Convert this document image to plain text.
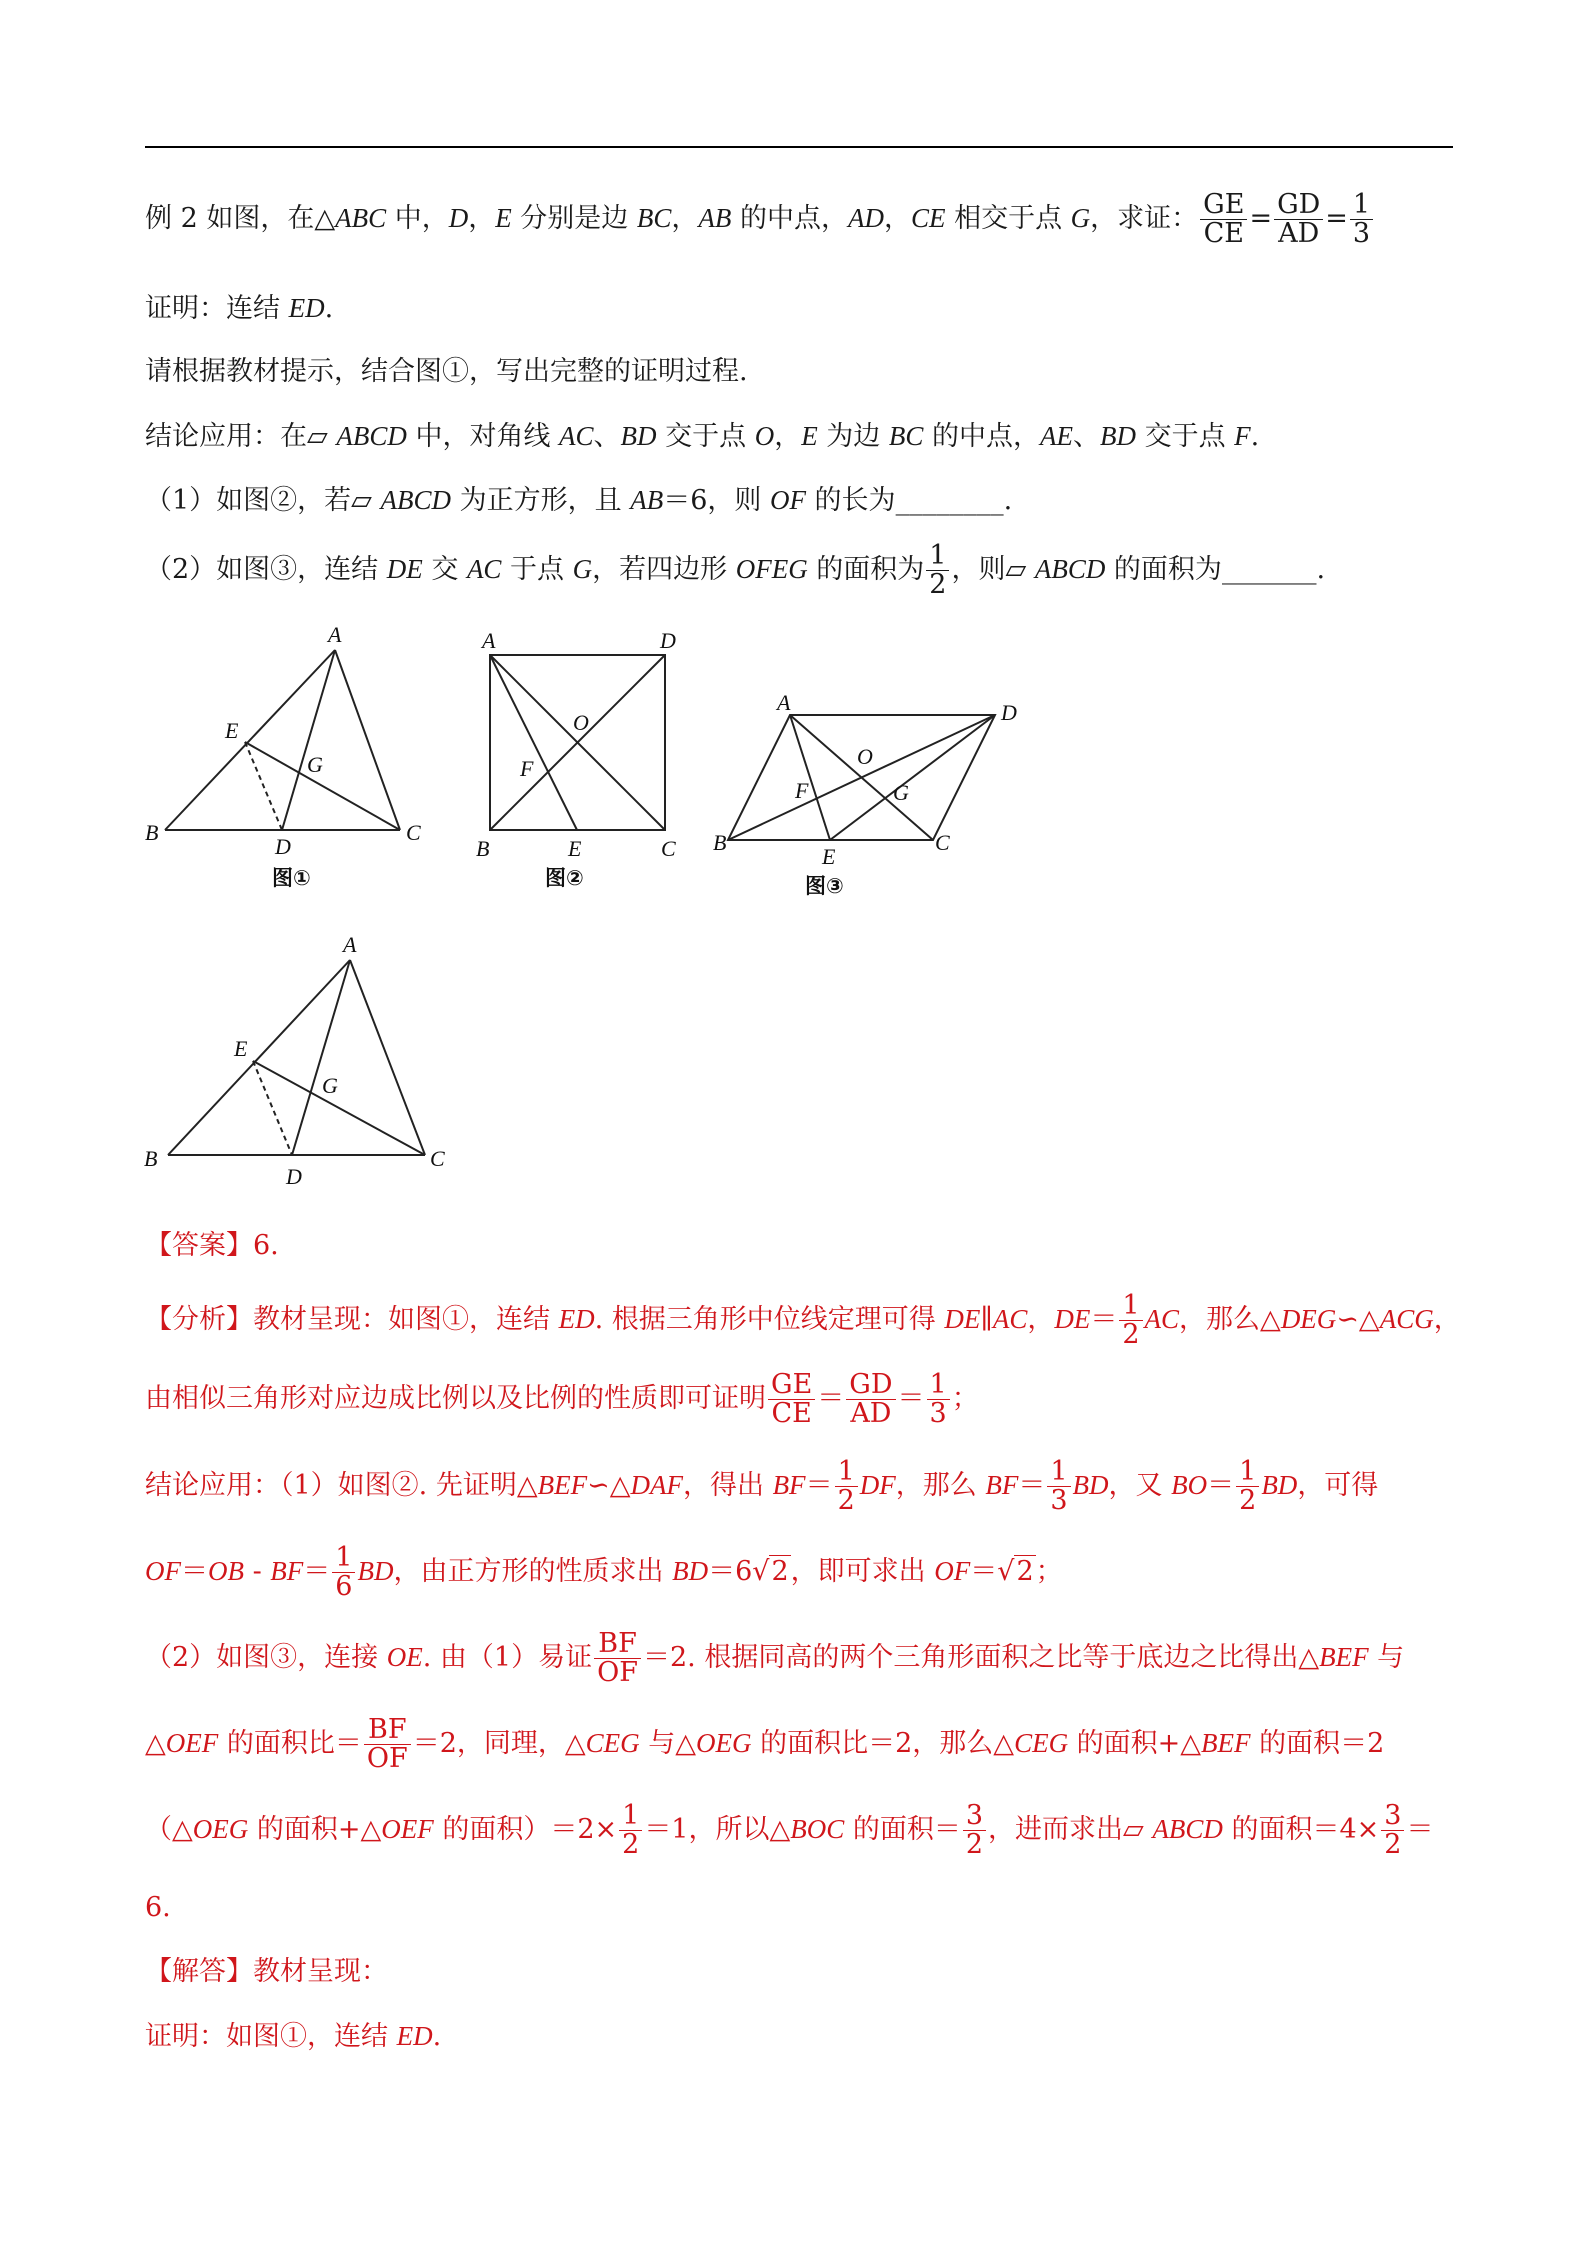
例 2 如图，在△ABC 中，D，E 分别是边 BC，AB 的中点，AD，CE 相交于点 G，求证： $\frac{GE}{CE} = \frac{GD}{AD} = \frac{1}{3}$
证明：连结 ED.
请根据教材提示，结合图①，写出完整的证明过程.
结论应用：在▱ ABCD 中，对角线 AC、BD 交于点 O，E 为边 BC 的中点，AE、BD 交于点 F.
（1）如图②，若▱ ABCD 为正方形，且 AB＝6，则 OF 的长为________.
（2）如图③，连结 DE 交 AC 于点 G，若四边形 OFEG 的面积为 $\frac{1}{2}$ ，则▱ ABCD 的面积为_______.
A
B	C
D
E
G
图①
A	D
B	C
E
F
O
图②
A	D
B	C
E
F
O
G
图③
A
B	C
D
E
G
【答案】6.
【分析】教材呈现：如图①，连结 ED. 根据三角形中位线定理可得 DE∥AC，$DE= \frac{1}{2}$ AC，那么△DEG∽△ACG，
由相似三角形对应边成比例以及比例的性质即可证明 $\frac{GE}{CE} = \frac{GD}{AD} = \frac{1}{3}$ ；
结论应用：（1）如图②. 先证明△BEF∽△DAF，得出 $BF= \frac{1}{2}$ DF，那么 $BF= \frac{1}{3}$ BD，又 $BO= \frac{1}{2}$ BD，可得
$OF=OB - BF= \frac{1}{6}$ BD，由正方形的性质求出 BD＝6√2，即可求出 OF＝√2；
（2）如图③，连接 OE. 由（1）易证 $\frac{BF}{OF} =2$. 根据同高的两个三角形面积之比等于底边之比得出△BEF 与
△OEF 的面积比＝ $\frac{BF}{OF} =2$，同理，△CEG 与△OEG 的面积比＝2，那么△CEG 的面积+△BEF 的面积＝2
（△OEG 的面积+△OEF 的面积）$=2\times \frac{1}{2} =1$，所以△BOC 的面积＝ $\frac{3}{2}$ ，进而求出▱ ABCD 的面积$=4\times \frac{3}{2}$ ＝
6.
【解答】教材呈现：
证明：如图①，连结 ED.
